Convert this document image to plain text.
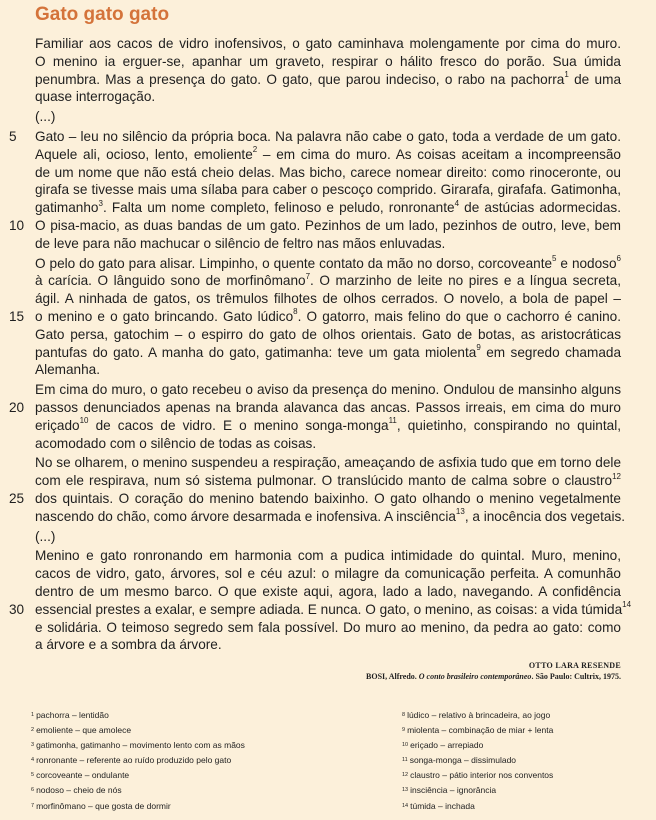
Gato gato gato
Familiar aos cacos de vidro inofensivos, o gato caminhava molengamente por cima do muro.
O menino ia erguer-se, apanhar um graveto, respirar o hálito fresco do porão. Sua úmida
penumbra. Mas a presença do gato. O gato, que parou indeciso, o rabo na pachorra$^1$ de uma
quase interrogação.
(...)
Gato – leu no silêncio da própria boca. Na palavra não cabe o gato, toda a verdade de um gato.
5
Aquele ali, ocioso, lento, emoliente$^2$ – em cima do muro. As coisas aceitam a incompreensão
de um nome que não está cheio delas. Mas bicho, carece nomear direito: como rinoceronte, ou
girafa se tivesse mais uma sílaba para caber o pescoço comprido. Girarafa, girafafa. Gatimonha,
gatimanho$^3$. Falta um nome completo, felinoso e peludo, ronronante$^4$ de astúcias adormecidas.
O pisa-macio, as duas bandas de um gato. Pezinhos de um lado, pezinhos de outro, leve, bem
10
de leve para não machucar o silêncio de feltro nas mãos enluvadas.
O pelo do gato para alisar. Limpinho, o quente contato da mão no dorso, corcoveante$^5$ e nodoso$^6$
à carícia. O lânguido sono de morfinômano$^7$. O marzinho de leite no pires e a língua secreta,
ágil. A ninhada de gatos, os trêmulos filhotes de olhos cerrados. O novelo, a bola de papel –
o menino e o gato brincando. Gato lúdico$^8$. O gatorro, mais felino do que o cachorro é canino.
15
Gato persa, gatochim – o espirro do gato de olhos orientais. Gato de botas, as aristocráticas
pantufas do gato. A manha do gato, gatimanha: teve um gata miolenta$^9$ em segredo chamada
Alemanha.
Em cima do muro, o gato recebeu o aviso da presença do menino. Ondulou de mansinho alguns
passos denunciados apenas na branda alavanca das ancas. Passos irreais, em cima do muro
20
eriçado$^{10}$ de cacos de vidro. E o menino songa-monga$^{11}$, quietinho, conspirando no quintal,
acomodado com o silêncio de todas as coisas.
No se olharem, o menino suspendeu a respiração, ameaçando de asfixia tudo que em torno dele
com ele respirava, num só sistema pulmonar. O translúcido manto de calma sobre o claustro$^{12}$
dos quintais. O coração do menino batendo baixinho. O gato olhando o menino vegetalmente
25
nascendo do chão, como árvore desarmada e inofensiva. A insciência$^{13}$, a inocência dos vegetais.
(...)
Menino e gato ronronando em harmonia com a pudica intimidade do quintal. Muro, menino,
cacos de vidro, gato, árvores, sol e céu azul: o milagre da comunicação perfeita. A comunhão
dentro de um mesmo barco. O que existe aqui, agora, lado a lado, navegando. A confidência
essencial prestes a exalar, e sempre adiada. E nunca. O gato, o menino, as coisas: a vida túmida$^{14}$
30
e solidária. O teimoso segredo sem fala possível. Do muro ao menino, da pedra ao gato: como
a árvore e a sombra da árvore.
OTTO LARA RESENDE
BOSI, Alfredo. O conto brasileiro contemporâneo. São Paulo: Cultrix, 1975.
$^1$ pachorra – lentidão
$^2$ emoliente – que amolece
$^3$ gatimonha, gatimanho – movimento lento com as mãos
$^4$ ronronante – referente ao ruído produzido pelo gato
$^5$ corcoveante – ondulante
$^6$ nodoso – cheio de nós
$^7$ morfinômano – que gosta de dormir
$^8$ lúdico – relativo à brincadeira, ao jogo
$^9$ miolenta – combinação de miar + lenta
$^{10}$ eriçado – arrepiado
$^{11}$ songa-monga – dissimulado
$^{12}$ claustro – pátio interior nos conventos
$^{13}$ insciência – ignorância
$^{14}$ túmida – inchada
